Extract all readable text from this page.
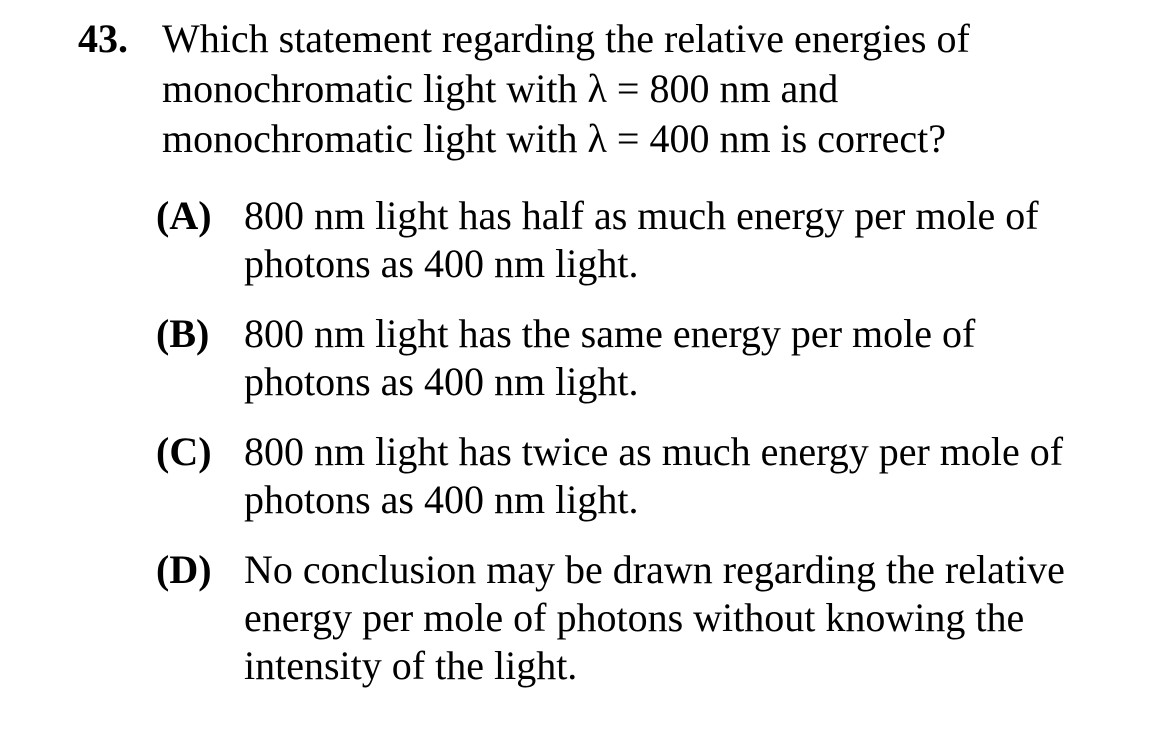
43. Which statement regarding the relative energies of
monochromatic light with λ = 800 nm and
monochromatic light with λ = 400 nm is correct?
(A) 800 nm light has half as much energy per mole of
photons as 400 nm light.
(B) 800 nm light has the same energy per mole of
photons as 400 nm light.
(C) 800 nm light has twice as much energy per mole of
photons as 400 nm light.
(D) No conclusion may be drawn regarding the relative
energy per mole of photons without knowing the
intensity of the light.
